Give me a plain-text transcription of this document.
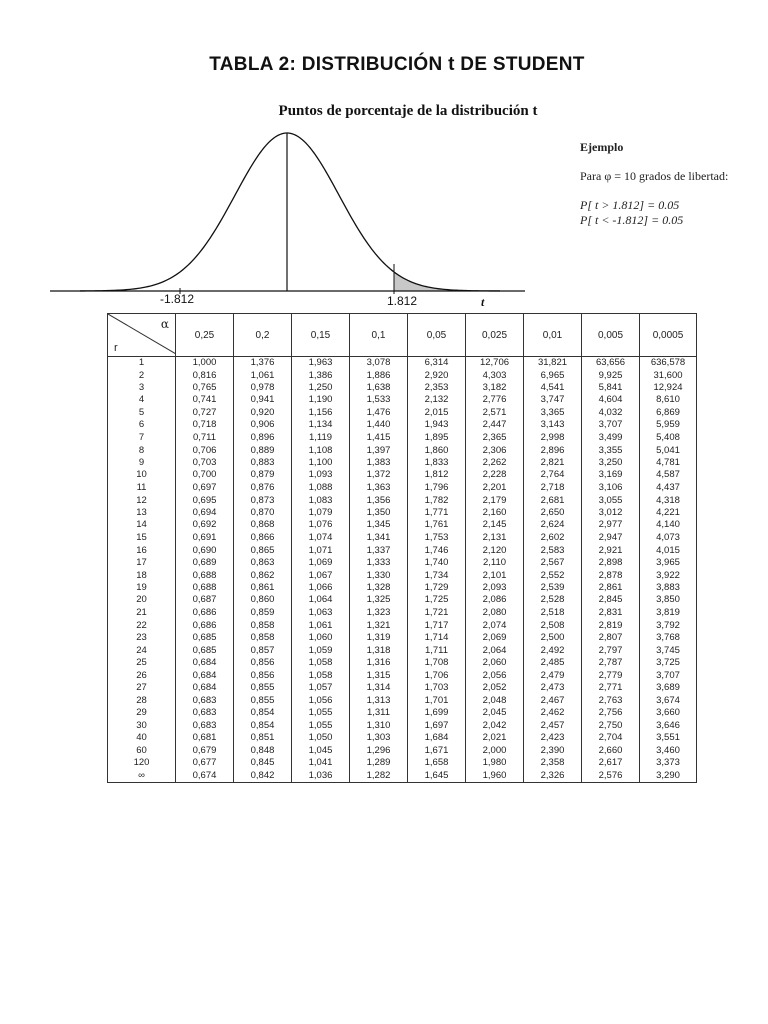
TABLA 2: DISTRIBUCIÓN t DE STUDENT
Puntos de porcentaje de la distribución t
-1.812	1.812	t
Ejemplo
Para φ = 10 grados de libertad:
P[ t > 1.812] = 0.05
P[ t < -1.812] = 0.05
α
r	0,25	0,2	0,15	0,1	0,05	0,025	0,01	0,005	0,0005
1	1,000	1,376	1,963	3,078	6,314	12,706	31,821	63,656	636,578
2	0,816	1,061	1,386	1,886	2,920	4,303	6,965	9,925	31,600
3	0,765	0,978	1,250	1,638	2,353	3,182	4,541	5,841	12,924
4	0,741	0,941	1,190	1,533	2,132	2,776	3,747	4,604	8,610
5	0,727	0,920	1,156	1,476	2,015	2,571	3,365	4,032	6,869
6	0,718	0,906	1,134	1,440	1,943	2,447	3,143	3,707	5,959
7	0,711	0,896	1,119	1,415	1,895	2,365	2,998	3,499	5,408
8	0,706	0,889	1,108	1,397	1,860	2,306	2,896	3,355	5,041
9	0,703	0,883	1,100	1,383	1,833	2,262	2,821	3,250	4,781
10	0,700	0,879	1,093	1,372	1,812	2,228	2,764	3,169	4,587
11	0,697	0,876	1,088	1,363	1,796	2,201	2,718	3,106	4,437
12	0,695	0,873	1,083	1,356	1,782	2,179	2,681	3,055	4,318
13	0,694	0,870	1,079	1,350	1,771	2,160	2,650	3,012	4,221
14	0,692	0,868	1,076	1,345	1,761	2,145	2,624	2,977	4,140
15	0,691	0,866	1,074	1,341	1,753	2,131	2,602	2,947	4,073
16	0,690	0,865	1,071	1,337	1,746	2,120	2,583	2,921	4,015
17	0,689	0,863	1,069	1,333	1,740	2,110	2,567	2,898	3,965
18	0,688	0,862	1,067	1,330	1,734	2,101	2,552	2,878	3,922
19	0,688	0,861	1,066	1,328	1,729	2,093	2,539	2,861	3,883
20	0,687	0,860	1,064	1,325	1,725	2,086	2,528	2,845	3,850
21	0,686	0,859	1,063	1,323	1,721	2,080	2,518	2,831	3,819
22	0,686	0,858	1,061	1,321	1,717	2,074	2,508	2,819	3,792
23	0,685	0,858	1,060	1,319	1,714	2,069	2,500	2,807	3,768
24	0,685	0,857	1,059	1,318	1,711	2,064	2,492	2,797	3,745
25	0,684	0,856	1,058	1,316	1,708	2,060	2,485	2,787	3,725
26	0,684	0,856	1,058	1,315	1,706	2,056	2,479	2,779	3,707
27	0,684	0,855	1,057	1,314	1,703	2,052	2,473	2,771	3,689
28	0,683	0,855	1,056	1,313	1,701	2,048	2,467	2,763	3,674
29	0,683	0,854	1,055	1,311	1,699	2,045	2,462	2,756	3,660
30	0,683	0,854	1,055	1,310	1,697	2,042	2,457	2,750	3,646
40	0,681	0,851	1,050	1,303	1,684	2,021	2,423	2,704	3,551
60	0,679	0,848	1,045	1,296	1,671	2,000	2,390	2,660	3,460
120	0,677	0,845	1,041	1,289	1,658	1,980	2,358	2,617	3,373
∞	0,674	0,842	1,036	1,282	1,645	1,960	2,326	2,576	3,290
